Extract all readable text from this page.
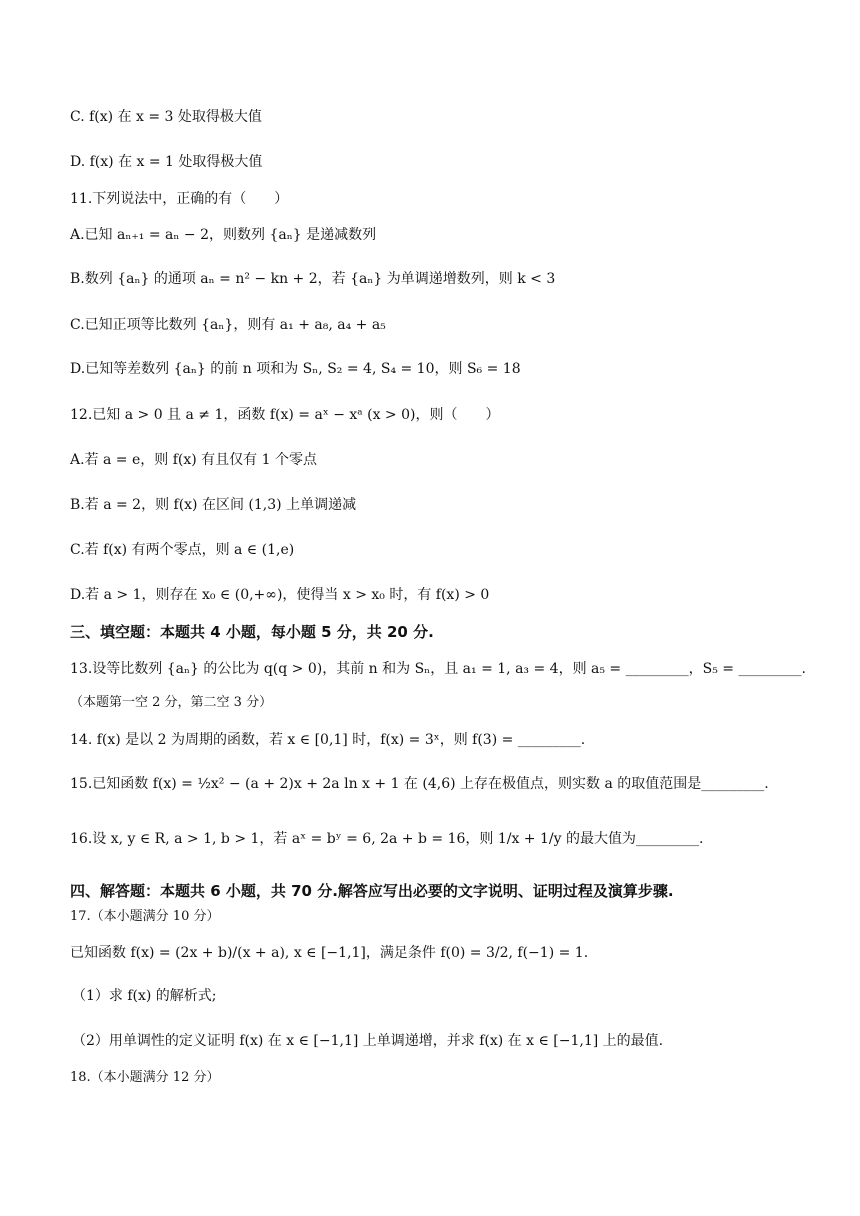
C. f(x) 在 x = 3 处取得极大值
D. f(x) 在 x = 1 处取得极大值
11.下列说法中，正确的有（　　）
A.已知 aₙ₊₁ = aₙ − 2，则数列 {aₙ} 是递减数列
B.数列 {aₙ} 的通项 aₙ = n² − kn + 2，若 {aₙ} 为单调递增数列，则 k < 3
C.已知正项等比数列 {aₙ}，则有 a₁ + a₈, a₄ + a₅
D.已知等差数列 {aₙ} 的前 n 项和为 Sₙ, S₂ = 4, S₄ = 10，则 S₆ = 18
12.已知 a > 0 且 a ≠ 1，函数 f(x) = aˣ − xᵃ (x > 0)，则（　　）
A.若 a = e，则 f(x) 有且仅有 1 个零点
B.若 a = 2，则 f(x) 在区间 (1,3) 上单调递减
C.若 f(x) 有两个零点，则 a ∈ (1,e)
D.若 a > 1，则存在 x₀ ∈ (0,+∞)，使得当 x > x₀ 时，有 f(x) > 0
三、填空题：本题共 4 小题，每小题 5 分，共 20 分.
13.设等比数列 {aₙ} 的公比为 q(q > 0)，其前 n 和为 Sₙ，且 a₁ = 1, a₃ = 4，则 a₅ = _________，S₅ = _________.
（本题第一空 2 分，第二空 3 分）
14. f(x) 是以 2 为周期的函数，若 x ∈ [0,1] 时，f(x) = 3ˣ，则 f(3) = _________.
15.已知函数 f(x) = ½x² − (a + 2)x + 2a ln x + 1 在 (4,6) 上存在极值点，则实数 a 的取值范围是_________.
16.设 x, y ∈ R, a > 1, b > 1，若 aˣ = bʸ = 6, 2a + b = 16，则 1/x + 1/y 的最大值为_________.
四、解答题：本题共 6 小题，共 70 分.解答应写出必要的文字说明、证明过程及演算步骤.
17.（本小题满分 10 分）
已知函数 f(x) = (2x + b)/(x + a), x ∈ [−1,1]，满足条件 f(0) = 3/2, f(−1) = 1.
（1）求 f(x) 的解析式;
（2）用单调性的定义证明 f(x) 在 x ∈ [−1,1] 上单调递增，并求 f(x) 在 x ∈ [−1,1] 上的最值.
18.（本小题满分 12 分）
